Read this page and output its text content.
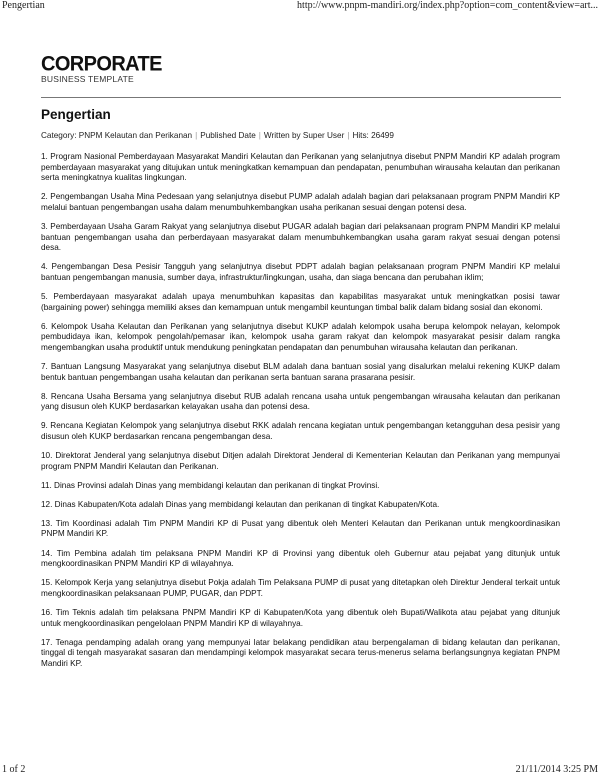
Pengertian	http://www.pnpm-mandiri.org/index.php?option=com_content&view=art...
CORPORATE
BUSINESS TEMPLATE
Pengertian
Category: PNPM Kelautan dan Perikanan | Published Date | Written by Super User | Hits: 26499

1. Program Nasional Pemberdayaan Masyarakat Mandiri Kelautan dan Perikanan yang selanjutnya disebut PNPM Mandiri KP adalah program pemberdayaan masyarakat yang ditujukan untuk meningkatkan kemampuan dan pendapatan, penumbuhan wirausaha kelautan dan perikanan serta meningkatnya kualitas lingkungan.

2. Pengembangan Usaha Mina Pedesaan yang selanjutnya disebut PUMP adalah adalah bagian dari pelaksanaan program PNPM Mandiri KP melalui bantuan pengembangan usaha dalam menumbuhkembangkan usaha perikanan sesuai dengan potensi desa.

3. Pemberdayaan Usaha Garam Rakyat yang selanjutnya disebut PUGAR adalah bagian dari pelaksanaan program PNPM Mandiri KP melalui bantuan pengembangan usaha dan perberdayaan masyarakat dalam menumbuhkembangkan usaha garam rakyat sesuai dengan potensi desa.

4. Pengembangan Desa Pesisir Tangguh yang selanjutnya disebut PDPT adalah bagian pelaksanaan program PNPM Mandiri KP melalui bantuan pengembangan manusia, sumber daya, infrastruktur/lingkungan, usaha, dan siaga bencana dan perubahan iklim;

5. Pemberdayaan masyarakat adalah upaya menumbuhkan kapasitas dan kapabilitas masyarakat untuk meningkatkan posisi tawar (bargaining power) sehingga memiliki akses dan kemampuan untuk mengambil keuntungan timbal balik dalam bidang sosial dan ekonomi.

6. Kelompok Usaha Kelautan dan Perikanan yang selanjutnya disebut KUKP adalah kelompok usaha berupa kelompok nelayan, kelompok pembudidaya ikan, kelompok pengolah/pemasar ikan, kelompok usaha garam rakyat dan kelompok masyarakat pesisir dalam rangka mengembangkan usaha produktif untuk mendukung peningkatan pendapatan dan penumbuhan wirausaha kelautan dan perikanan.

7. Bantuan Langsung Masyarakat yang selanjutnya disebut BLM adalah dana bantuan sosial yang disalurkan melalui rekening KUKP dalam bentuk bantuan pengembangan usaha kelautan dan perikanan serta bantuan sarana prasarana pesisir.

8. Rencana Usaha Bersama yang selanjutnya disebut RUB adalah rencana usaha untuk pengembangan wirausaha kelautan dan perikanan yang disusun oleh KUKP berdasarkan kelayakan usaha dan potensi desa.

9. Rencana Kegiatan Kelompok yang selanjutnya disebut RKK adalah rencana kegiatan untuk pengembangan ketangguhan desa pesisir yang disusun oleh KUKP berdasarkan rencana pengembangan desa.

10. Direktorat Jenderal yang selanjutnya disebut Ditjen adalah Direktorat Jenderal di Kementerian Kelautan dan Perikanan yang mempunyai program PNPM Mandiri Kelautan dan Perikanan.

11. Dinas Provinsi adalah Dinas yang membidangi kelautan dan perikanan di tingkat Provinsi.

12. Dinas Kabupaten/Kota adalah Dinas yang membidangi kelautan dan perikanan di tingkat Kabupaten/Kota.

13. Tim Koordinasi adalah Tim PNPM Mandiri KP di Pusat yang dibentuk oleh Menteri Kelautan dan Perikanan untuk mengkoordinasikan PNPM Mandiri KP.

14. Tim Pembina adalah tim pelaksana PNPM Mandiri KP di Provinsi yang dibentuk oleh Gubernur atau pejabat yang ditunjuk untuk mengkoordinasikan PNPM Mandiri KP di wilayahnya.

15. Kelompok Kerja yang selanjutnya disebut Pokja adalah Tim Pelaksana PUMP di pusat yang ditetapkan oleh Direktur Jenderal terkait untuk mengkoordinasikan pelaksanaan PUMP, PUGAR, dan PDPT.

16. Tim Teknis adalah tim pelaksana PNPM Mandiri KP di Kabupaten/Kota yang dibentuk oleh Bupati/Walikota atau pejabat yang ditunjuk untuk mengkoordinasikan pengelolaan PNPM Mandiri KP di wilayahnya.

17. Tenaga pendamping adalah orang yang mempunyai latar belakang pendidikan atau berpengalaman di bidang kelautan dan perikanan, tinggal di tengah masyarakat sasaran dan mendampingi kelompok masyarakat secara terus-menerus selama berlangsungnya kegiatan PNPM Mandiri KP.

1 of 2	21/11/2014 3:25 PM
